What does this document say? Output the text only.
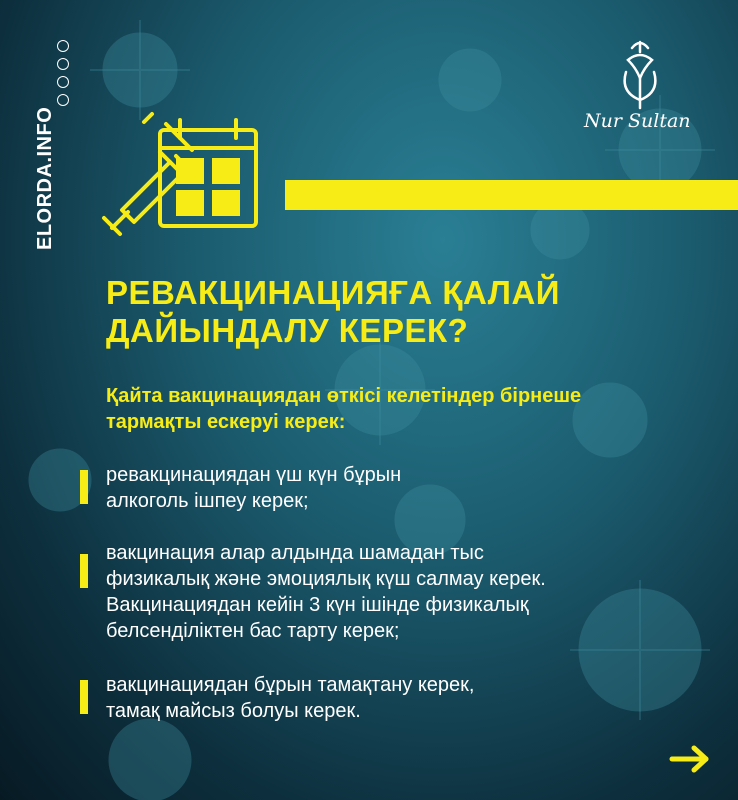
ELORDA.INFO	Nur Sultan
РЕВАКЦИНАЦИЯҒА ҚАЛАЙ ДАЙЫНДАЛУ КЕРЕК?

Қайта вакцинациядан өткісі келетіндер бірнеше тармақты ескеруі керек:

ревакцинациядан үш күн бұрын
алкоголь ішпеу керек;
вакцинация алар алдында шамадан тыс
физикалық және эмоциялық күш салмау керек.
Вакцинациядан кейін 3 күн ішінде физикалық
белсенділіктен бас тарту керек;
вакцинациядан бұрын тамақтану керек,
тамақ майсыз болуы керек.
